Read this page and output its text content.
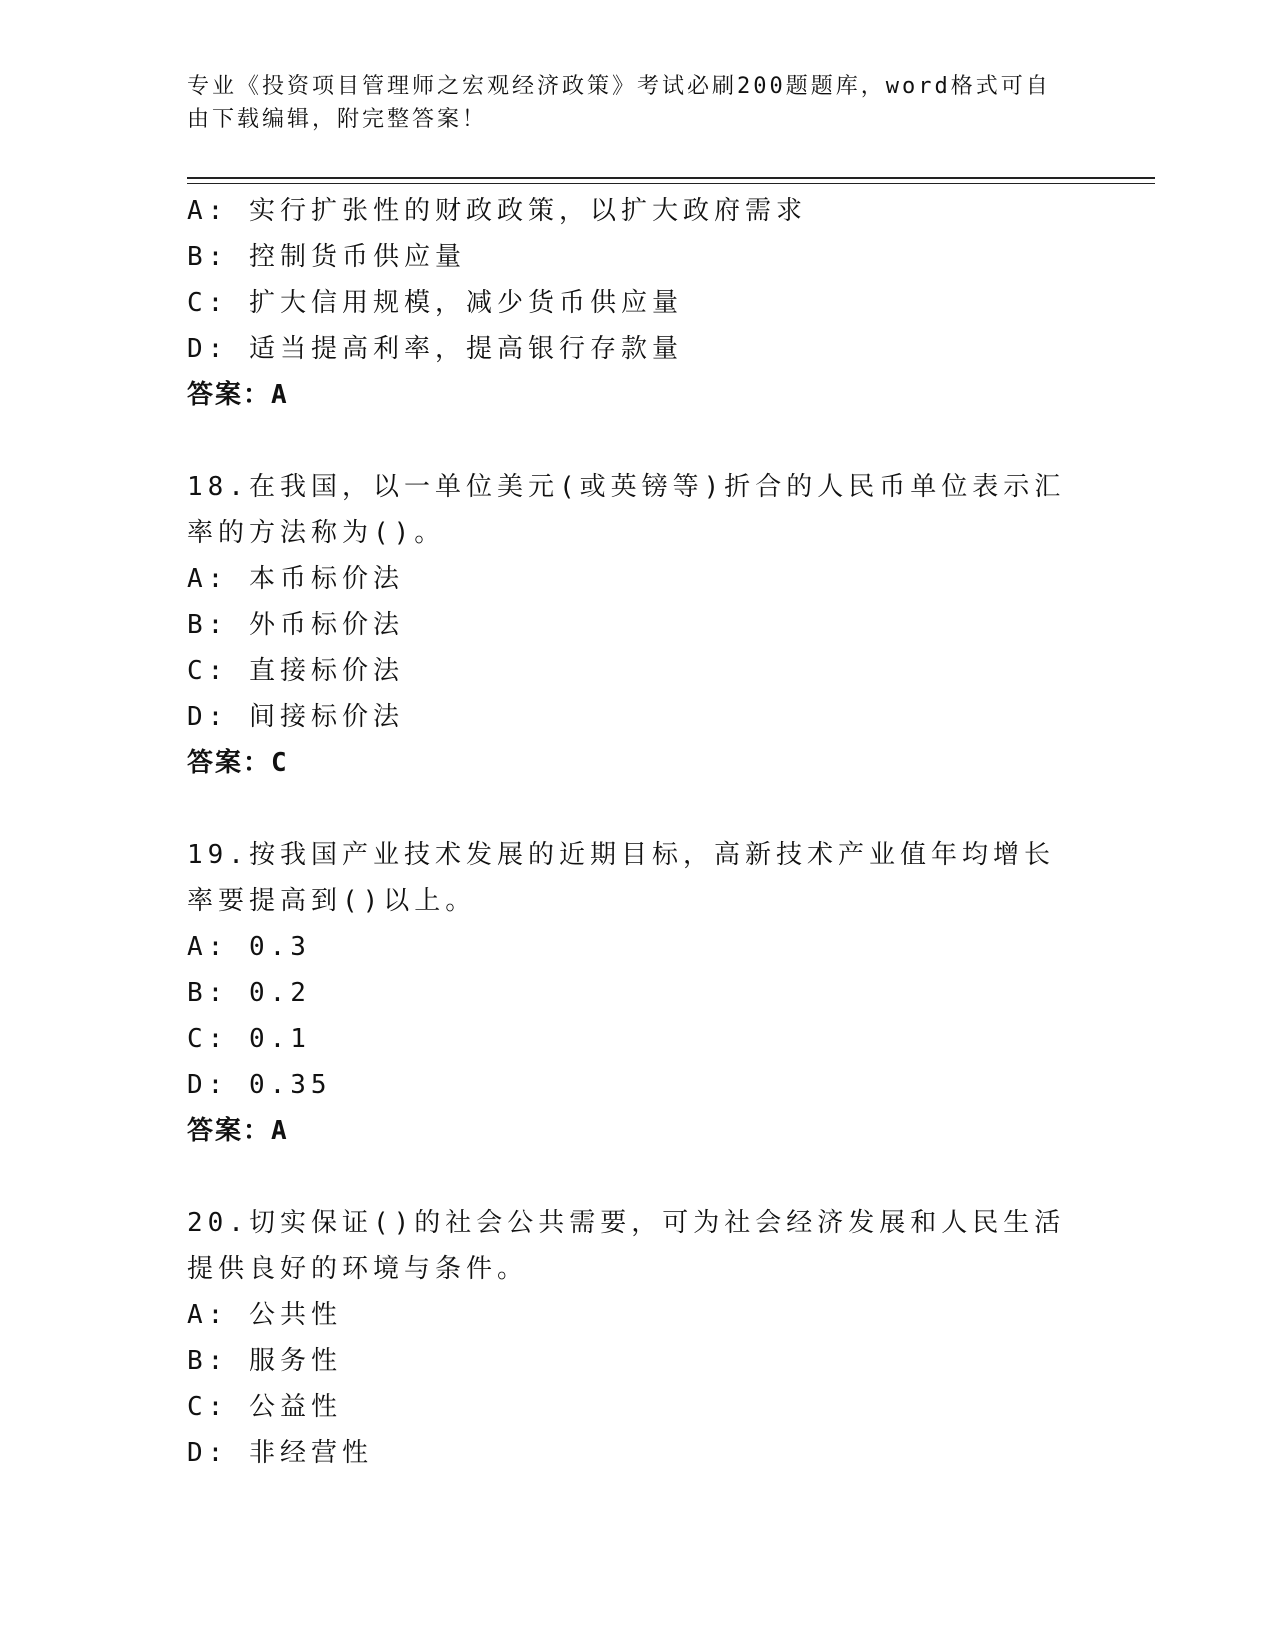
专业《投资项目管理师之宏观经济政策》考试必刷200题题库，word格式可自由下载编辑，附完整答案！
A: 实行扩张性的财政政策，以扩大政府需求
B: 控制货币供应量
C: 扩大信用规模，减少货币供应量
D: 适当提高利率，提高银行存款量
答案：A
18.在我国，以一单位美元(或英镑等)折合的人民币单位表示汇率的方法称为()。
A: 本币标价法
B: 外币标价法
C: 直接标价法
D: 间接标价法
答案：C
19.按我国产业技术发展的近期目标，高新技术产业值年均增长率要提高到()以上。
A: 0.3
B: 0.2
C: 0.1
D: 0.35
答案：A
20.切实保证()的社会公共需要，可为社会经济发展和人民生活提供良好的环境与条件。
A: 公共性
B: 服务性
C: 公益性
D: 非经营性
